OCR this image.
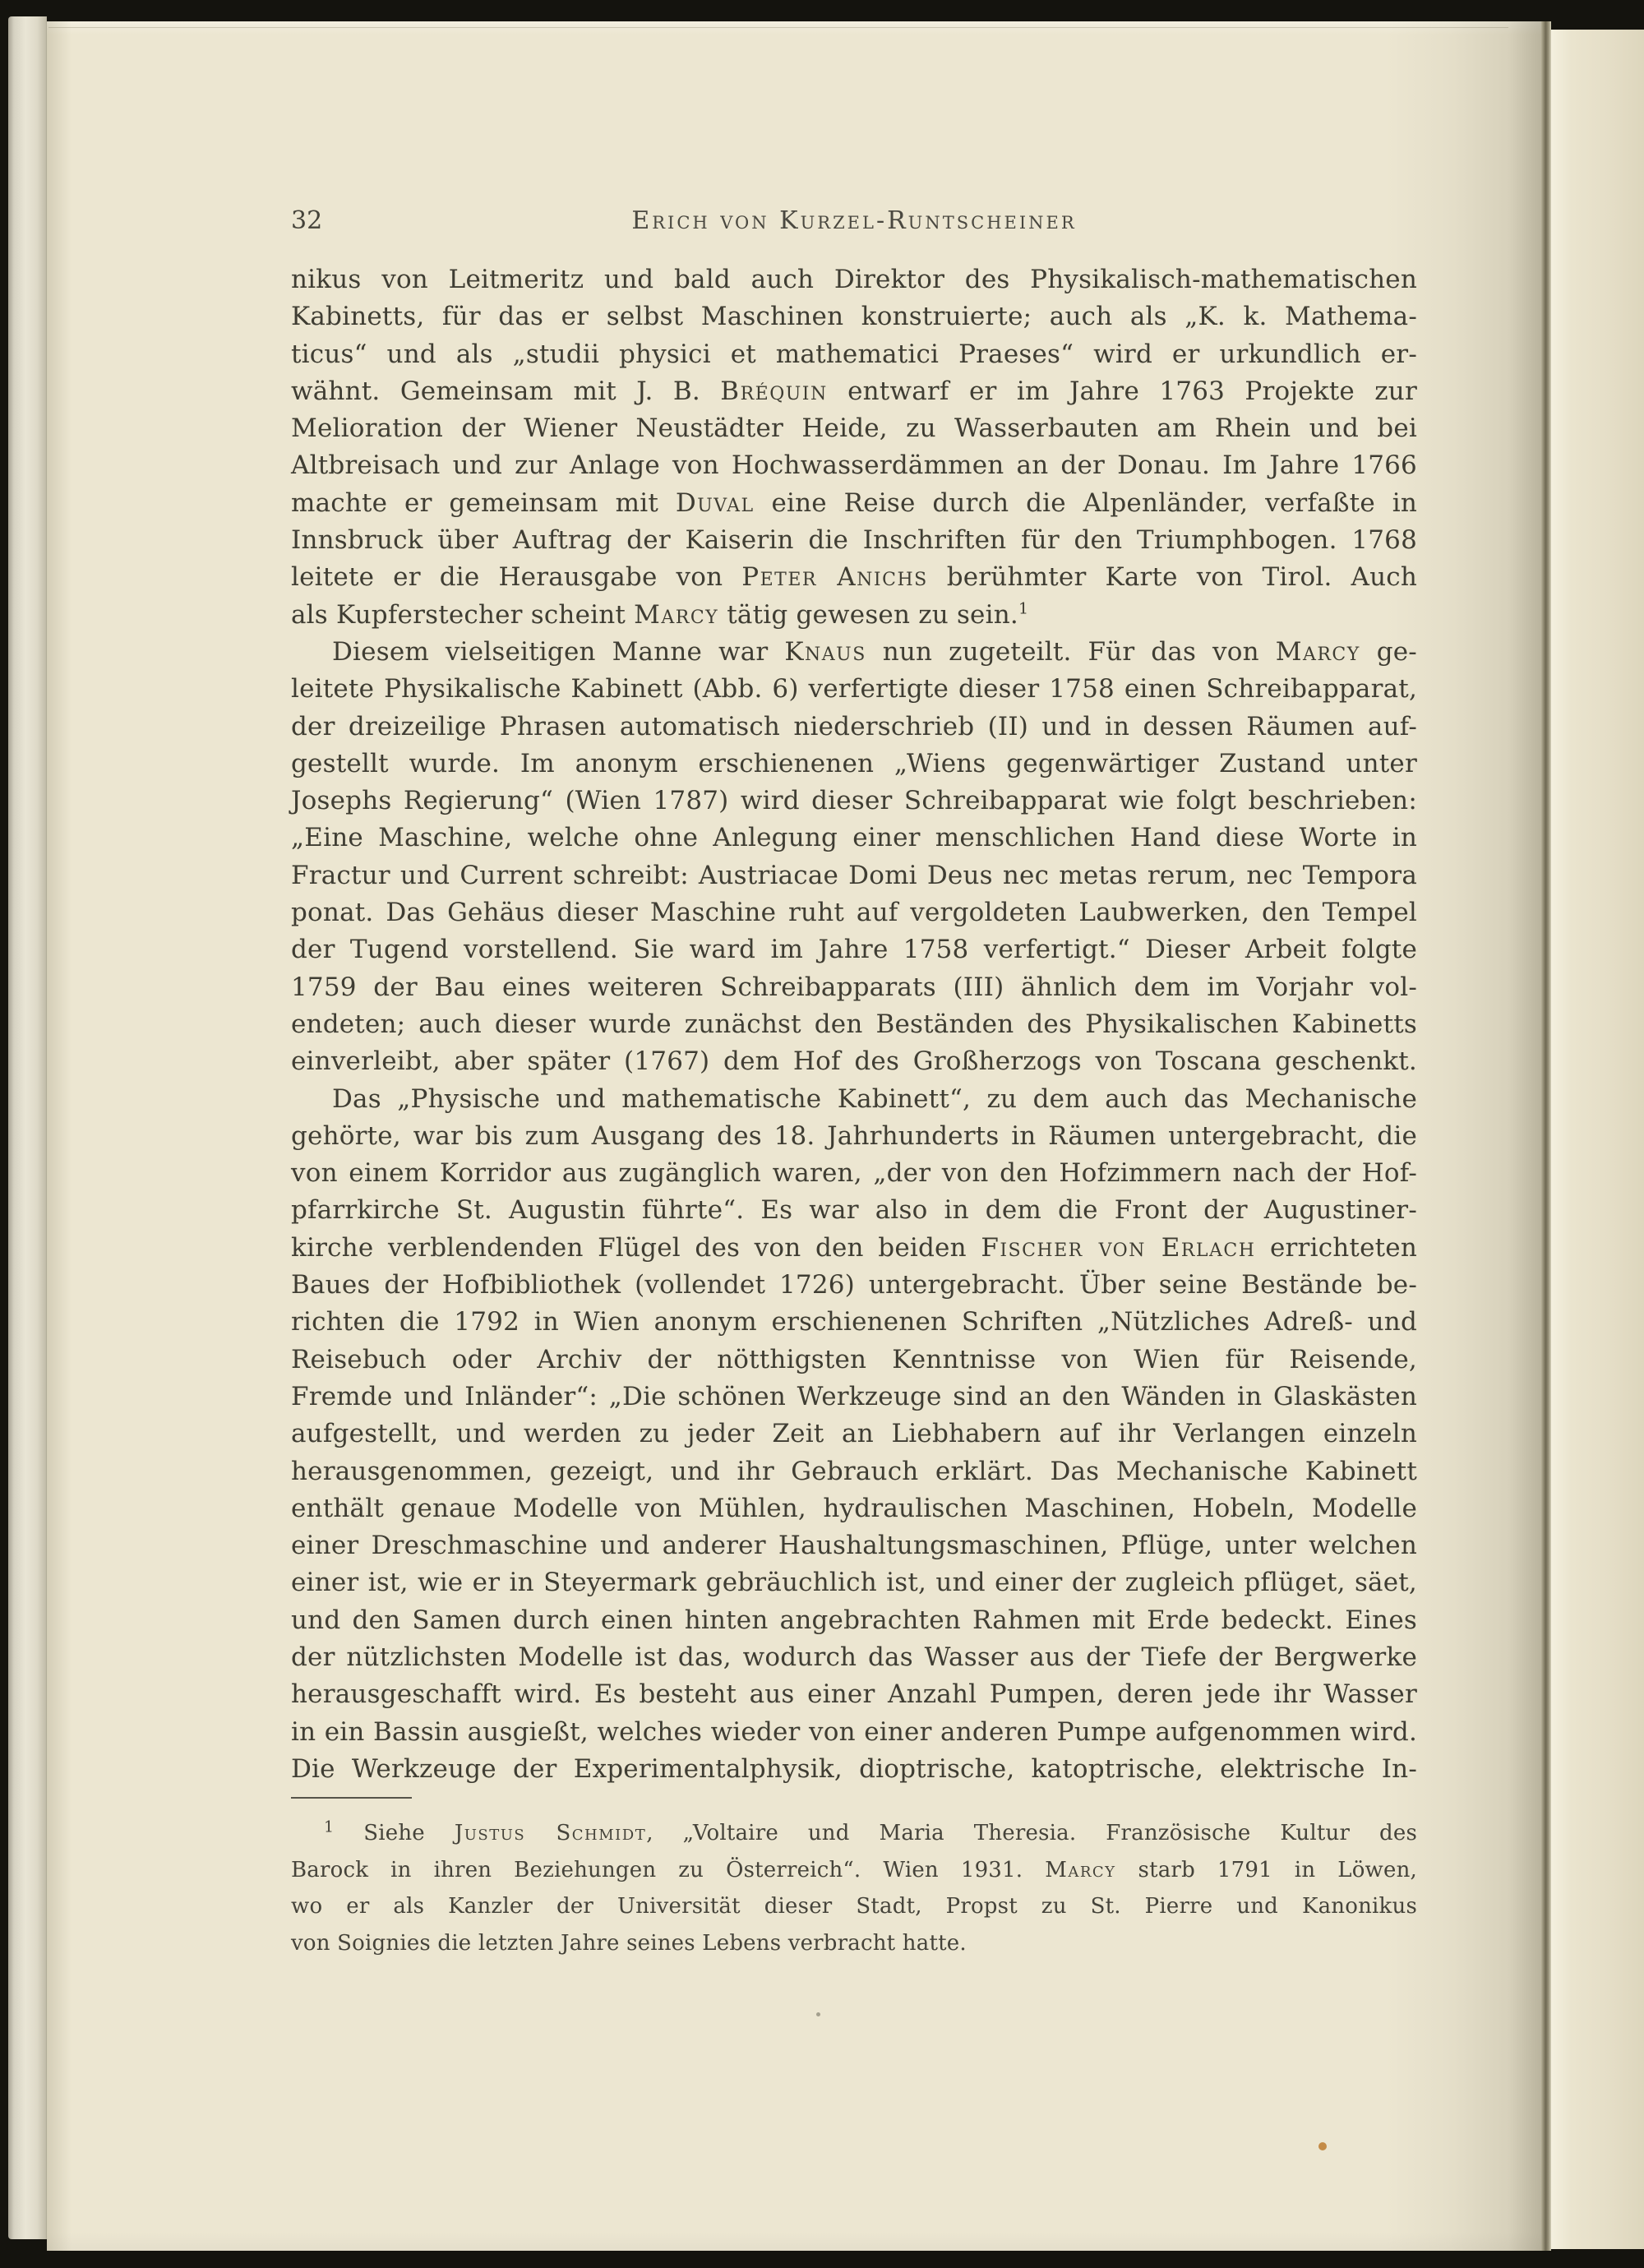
32	Erich von Kurzel-Runtscheiner
nikus von Leitmeritz und bald auch Direktor des Physikalisch-mathematischen
Kabinetts, für das er selbst Maschinen konstruierte; auch als „K. k. Mathema-
ticus“ und als „studii physici et mathematici Praeses“ wird er urkundlich er-
wähnt. Gemeinsam mit J. B. Bréquin entwarf er im Jahre 1763 Projekte zur
Melioration der Wiener Neustädter Heide, zu Wasserbauten am Rhein und bei
Altbreisach und zur Anlage von Hochwasserdämmen an der Donau. Im Jahre 1766
machte er gemeinsam mit Duval eine Reise durch die Alpenländer, verfaßte in
Innsbruck über Auftrag der Kaiserin die Inschriften für den Triumphbogen. 1768
leitete er die Herausgabe von Peter Anichs berühmter Karte von Tirol. Auch
als Kupferstecher scheint Marcy tätig gewesen zu sein.$^1$
Diesem vielseitigen Manne war Knaus nun zugeteilt. Für das von Marcy ge-
leitete Physikalische Kabinett (Abb. 6) verfertigte dieser 1758 einen Schreibapparat,
der dreizeilige Phrasen automatisch niederschrieb (II) und in dessen Räumen auf-
gestellt wurde. Im anonym erschienenen „Wiens gegenwärtiger Zustand unter
Josephs Regierung“ (Wien 1787) wird dieser Schreibapparat wie folgt beschrieben:
„Eine Maschine, welche ohne Anlegung einer menschlichen Hand diese Worte in
Fractur und Current schreibt: Austriacae Domi Deus nec metas rerum, nec Tempora
ponat. Das Gehäus dieser Maschine ruht auf vergoldeten Laubwerken, den Tempel
der Tugend vorstellend. Sie ward im Jahre 1758 verfertigt.“ Dieser Arbeit folgte
1759 der Bau eines weiteren Schreibapparats (III) ähnlich dem im Vorjahr vol-
endeten; auch dieser wurde zunächst den Beständen des Physikalischen Kabinetts
einverleibt, aber später (1767) dem Hof des Großherzogs von Toscana geschenkt.
Das „Physische und mathematische Kabinett“, zu dem auch das Mechanische
gehörte, war bis zum Ausgang des 18. Jahrhunderts in Räumen untergebracht, die
von einem Korridor aus zugänglich waren, „der von den Hofzimmern nach der Hof-
pfarrkirche St. Augustin führte“. Es war also in dem die Front der Augustiner-
kirche verblendenden Flügel des von den beiden Fischer von Erlach errichteten
Baues der Hofbibliothek (vollendet 1726) untergebracht. Über seine Bestände be-
richten die 1792 in Wien anonym erschienenen Schriften „Nützliches Adreß- und
Reisebuch oder Archiv der nötthigsten Kenntnisse von Wien für Reisende,
Fremde und Inländer“: „Die schönen Werkzeuge sind an den Wänden in Glaskästen
aufgestellt, und werden zu jeder Zeit an Liebhabern auf ihr Verlangen einzeln
herausgenommen, gezeigt, und ihr Gebrauch erklärt. Das Mechanische Kabinett
enthält genaue Modelle von Mühlen, hydraulischen Maschinen, Hobeln, Modelle
einer Dreschmaschine und anderer Haushaltungsmaschinen, Pflüge, unter welchen
einer ist, wie er in Steyermark gebräuchlich ist, und einer der zugleich pflüget, säet,
und den Samen durch einen hinten angebrachten Rahmen mit Erde bedeckt. Eines
der nützlichsten Modelle ist das, wodurch das Wasser aus der Tiefe der Bergwerke
herausgeschafft wird. Es besteht aus einer Anzahl Pumpen, deren jede ihr Wasser
in ein Bassin ausgießt, welches wieder von einer anderen Pumpe aufgenommen wird.
Die Werkzeuge der Experimentalphysik, dioptrische, katoptrische, elektrische In-
$^1$ Siehe Justus Schmidt, „Voltaire und Maria Theresia. Französische Kultur des
Barock in ihren Beziehungen zu Österreich“. Wien 1931. Marcy starb 1791 in Löwen,
wo er als Kanzler der Universität dieser Stadt, Propst zu St. Pierre und Kanonikus
von Soignies die letzten Jahre seines Lebens verbracht hatte.
